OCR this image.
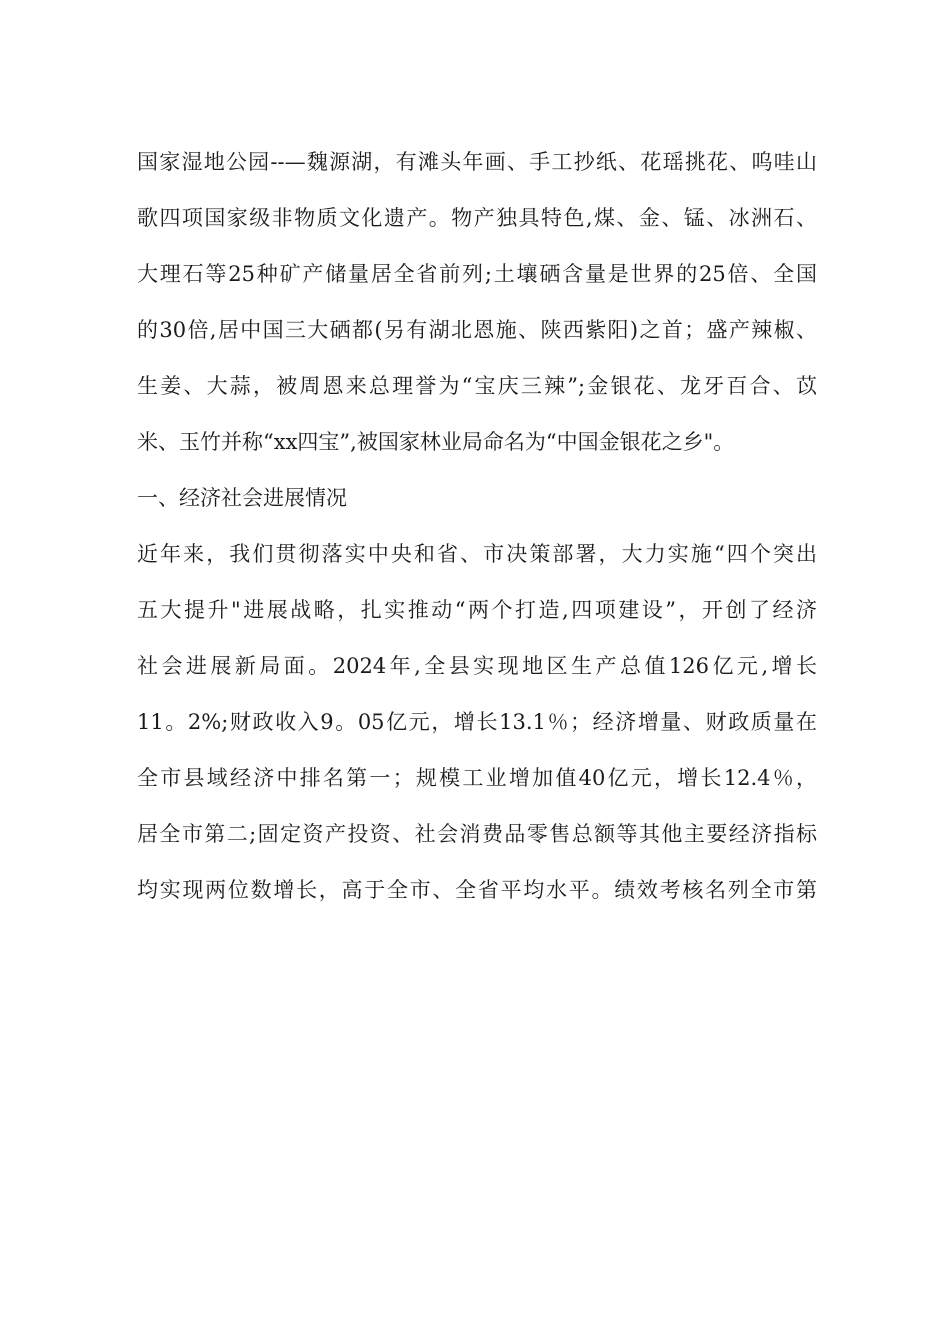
国家湿地公园--—魏源湖，有滩头年画、手工抄纸、花瑶挑花、呜哇山
歌四项国家级非物质文化遗产。物产独具特色,煤、金、锰、冰洲石、
大理石等25种矿产储量居全省前列;土壤硒含量是世界的25倍、全国
的30倍,居中国三大硒都(另有湖北恩施、陕西紫阳)之首；盛产辣椒、
生姜、大蒜，被周恩来总理誉为“宝庆三辣”;金银花、龙牙百合、苡
米、玉竹并称“xx四宝”,被国家林业局命名为“中国金银花之乡"。
一、经济社会进展情况
近年来，我们贯彻落实中央和省、市决策部署，大力实施“四个突出
五大提升"进展战略，扎实推动“两个打造,四项建设”，开创了经济
社会进展新局面。2024年,全县实现地区生产总值126亿元,增长
11。2%;财政收入9。05亿元，增长13.1％；经济增量、财政质量在
全市县域经济中排名第一；规模工业增加值40亿元，增长12.4％，
居全市第二;固定资产投资、社会消费品零售总额等其他主要经济指标
均实现两位数增长，高于全市、全省平均水平。绩效考核名列全市第
